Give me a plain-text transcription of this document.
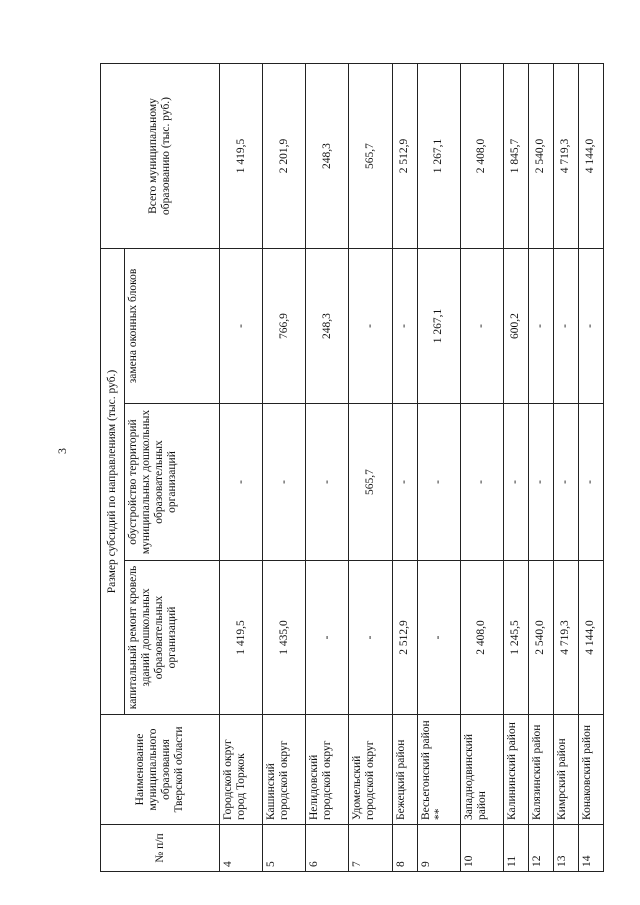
3
№ п/п	Наименование муниципального образования Тверской области	Размер субсидий по направлениям (тыс. руб.)			Всего муниципальному образованию (тыс. руб.)
		капитальный ремонт кровель зданий дошкольных образовательных организаций	обустройство территорий муниципальных дошкольных образовательных организаций	замена оконных блоков	
4	Городской округ город Торжок	1 419,5	-	-	1 419,5
5	Кашинский городской округ	1 435,0	-	766,9	2 201,9
6	Нелидовский городской округ	-	-	248,3	248,3
7	Удомельский городской округ	-	565,7	-	565,7
8	Бежецкий район	2 512,9	-	-	2 512,9
9	Весьегонский район **	-	-	1 267,1	1 267,1
10	Западнодвинский район	2 408,0	-	-	2 408,0
11	Калининский район	1 245,5	-	600,2	1 845,7
12	Калязинский район	2 540,0	-	-	2 540,0
13	Кимрский район	4 719,3	-	-	4 719,3
14	Конаковский район	4 144,0	-	-	4 144,0
